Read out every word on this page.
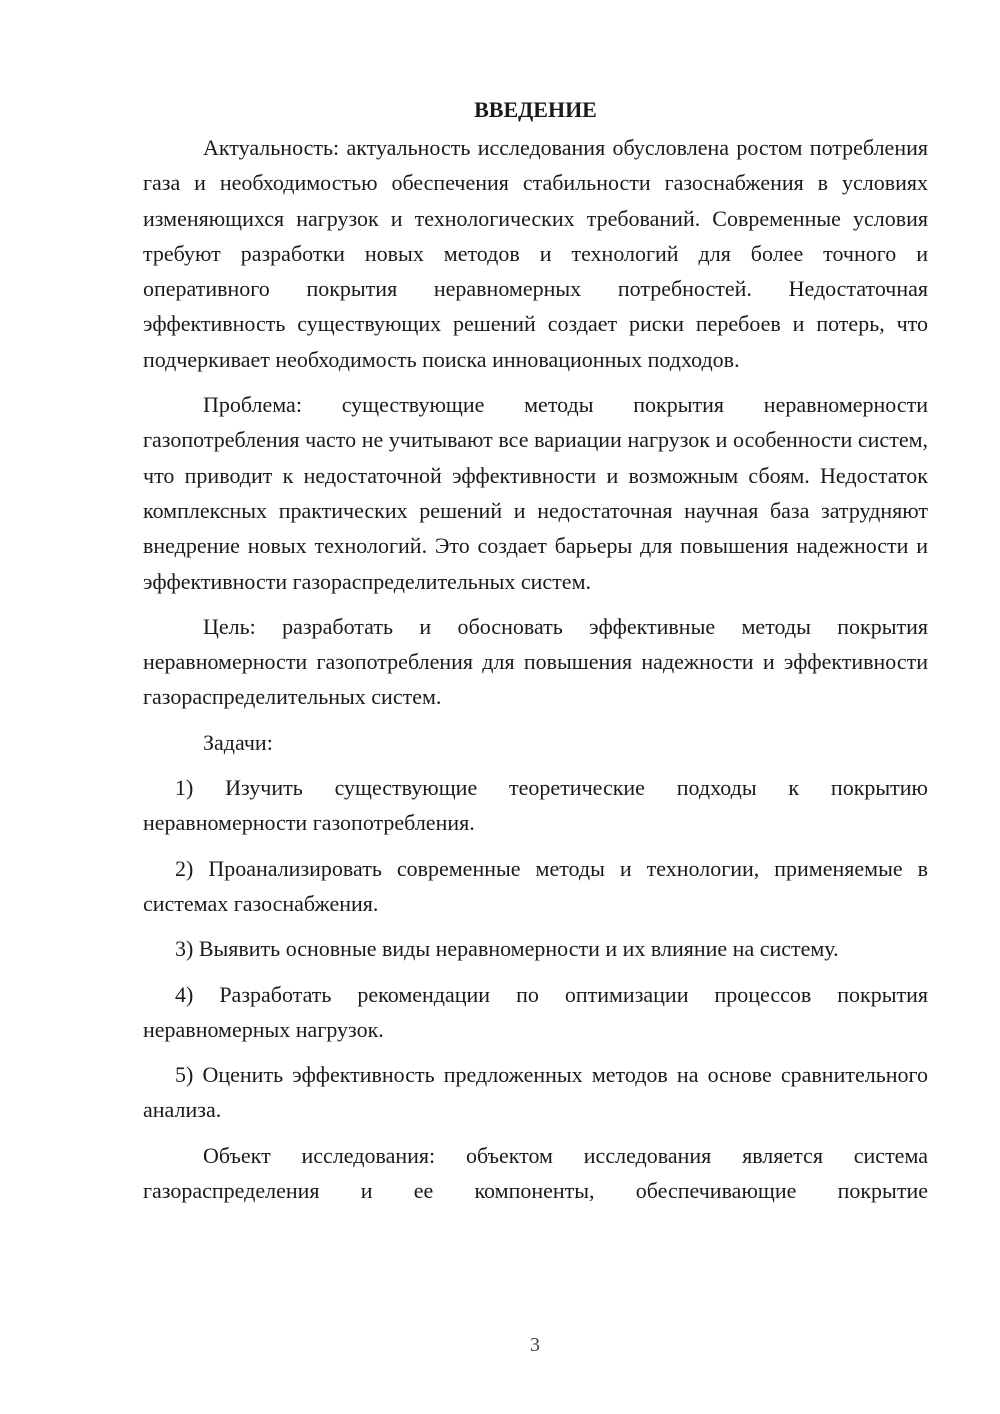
ВВЕДЕНИЕ

Актуальность: актуальность исследования обусловлена ростом потребления газа и необходимостью обеспечения стабильности газоснабжения в условиях изменяющихся нагрузок и технологических требований. Современные условия требуют разработки новых методов и технологий для более точного и оперативного покрытия неравномерных потребностей. Недостаточная эффективность существующих решений создает риски перебоев и потерь, что подчеркивает необходимость поиска инновационных подходов.

Проблема: существующие методы покрытия неравномерности газопотребления часто не учитывают все вариации нагрузок и особенности систем, что приводит к недостаточной эффективности и возможным сбоям. Недостаток комплексных практических решений и недостаточная научная база затрудняют внедрение новых технологий. Это создает барьеры для повышения надежности и эффективности газораспределительных систем.

Цель: разработать и обосновать эффективные методы покрытия неравномерности газопотребления для повышения надежности и эффективности газораспределительных систем.

Задачи:

1) Изучить существующие теоретические подходы к покрытию неравномерности газопотребления.

2) Проанализировать современные методы и технологии, применяемые в системах газоснабжения.

3) Выявить основные виды неравномерности и их влияние на систему.

4) Разработать рекомендации по оптимизации процессов покрытия неравномерных нагрузок.

5) Оценить эффективность предложенных методов на основе сравнительного анализа.

Объект исследования: объектом исследования является система газораспределения и ее компоненты, обеспечивающие покрытие

3
